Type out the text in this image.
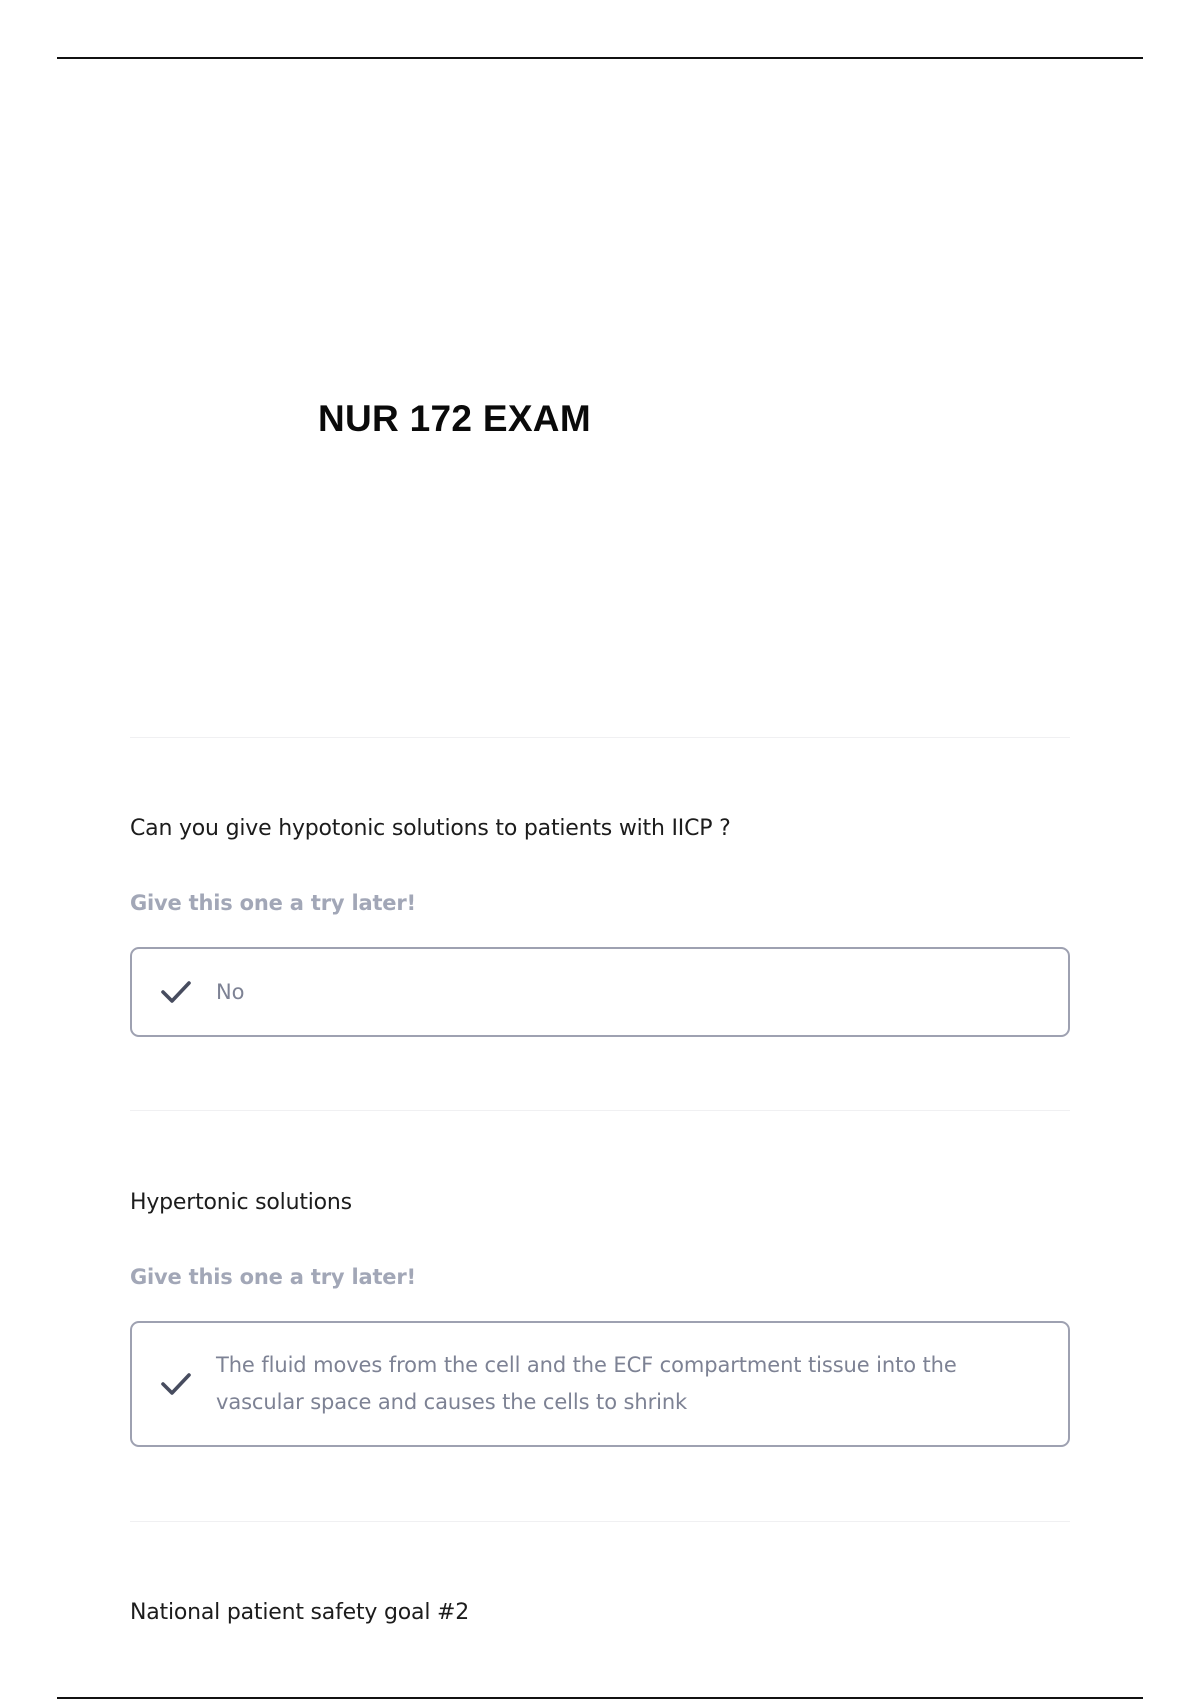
NUR 172 EXAM

Can you give hypotonic solutions to patients with IICP ?

Give this one a try later!

No

Hypertonic solutions

Give this one a try later!

The fluid moves from the cell and the ECF compartment tissue into the vascular space and causes the cells to shrink

National patient safety goal #2
